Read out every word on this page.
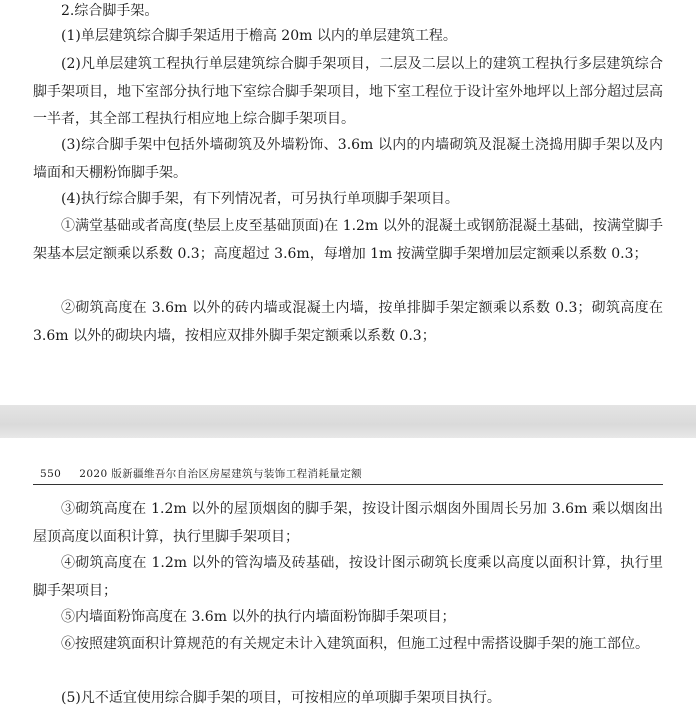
2.综合脚手架。

(1)单层建筑综合脚手架适用于檐高 20m 以内的单层建筑工程。

(2)凡单层建筑工程执行单层建筑综合脚手架项目，二层及二层以上的建筑工程执行多层建筑综合脚手架项目，地下室部分执行地下室综合脚手架项目，地下室工程位于设计室外地坪以上部分超过层高一半者，其全部工程执行相应地上综合脚手架项目。

(3)综合脚手架中包括外墙砌筑及外墙粉饰、3.6m 以内的内墙砌筑及混凝土浇捣用脚手架以及内墙面和天棚粉饰脚手架。

(4)执行综合脚手架，有下列情况者，可另执行单项脚手架项目。

①满堂基础或者高度(垫层上皮至基础顶面)在 1.2m 以外的混凝土或钢筋混凝土基础，按满堂脚手架基本层定额乘以系数 0.3；高度超过 3.6m，每增加 1m 按满堂脚手架增加层定额乘以系数 0.3；

②砌筑高度在 3.6m 以外的砖内墙或混凝土内墙，按单排脚手架定额乘以系数 0.3；砌筑高度在 3.6m 以外的砌块内墙，按相应双排外脚手架定额乘以系数 0.3；

550 2020 版新疆维吾尔自治区房屋建筑与装饰工程消耗量定额

③砌筑高度在 1.2m 以外的屋顶烟囱的脚手架，按设计图示烟囱外围周长另加 3.6m 乘以烟囱出屋顶高度以面积计算，执行里脚手架项目；

④砌筑高度在 1.2m 以外的管沟墙及砖基础，按设计图示砌筑长度乘以高度以面积计算，执行里脚手架项目；

⑤内墙面粉饰高度在 3.6m 以外的执行内墙面粉饰脚手架项目；

⑥按照建筑面积计算规范的有关规定未计入建筑面积，但施工过程中需搭设脚手架的施工部位。

(5)凡不适宜使用综合脚手架的项目，可按相应的单项脚手架项目执行。
